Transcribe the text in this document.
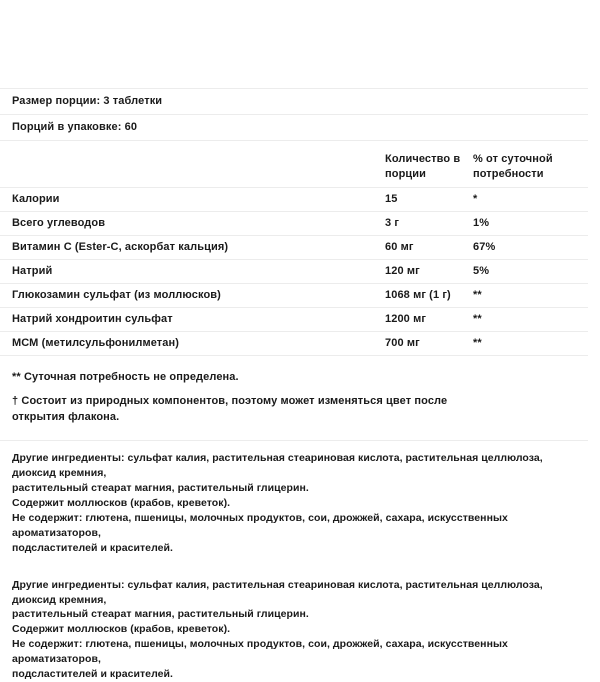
Размер порции: 3 таблетки
Порций в упаковке: 60
	Количество в порции	% от суточной потребности
Калории	15	*
Всего углеводов	3 г	1%
Витамин C (Ester-C, аскорбат кальция)	60 мг	67%
Натрий	120 мг	5%
Глюкозамин сульфат (из моллюсков)	1068 мг (1 г)	**
Натрий хондроитин сульфат	1200 мг	**
МСМ (метилсульфонилметан)	700 мг	**

** Суточная потребность не определена.

† Состоит из природных компонентов, поэтому может изменяться цвет после

открытия флакона.

Другие ингредиенты: сульфат калия, растительная стеариновая кислота, растительная целлюлоза, диоксид кремния,

растительный стеарат магния, растительный глицерин.

Содержит моллюсков (крабов, креветок).

Не содержит: глютена, пшеницы, молочных продуктов, сои, дрожжей, сахара, искусственных ароматизаторов,

подсластителей и красителей.

Другие ингредиенты: сульфат калия, растительная стеариновая кислота, растительная целлюлоза, диоксид кремния,

растительный стеарат магния, растительный глицерин.

Содержит моллюсков (крабов, креветок).

Не содержит: глютена, пшеницы, молочных продуктов, сои, дрожжей, сахара, искусственных ароматизаторов,

подсластителей и красителей.
